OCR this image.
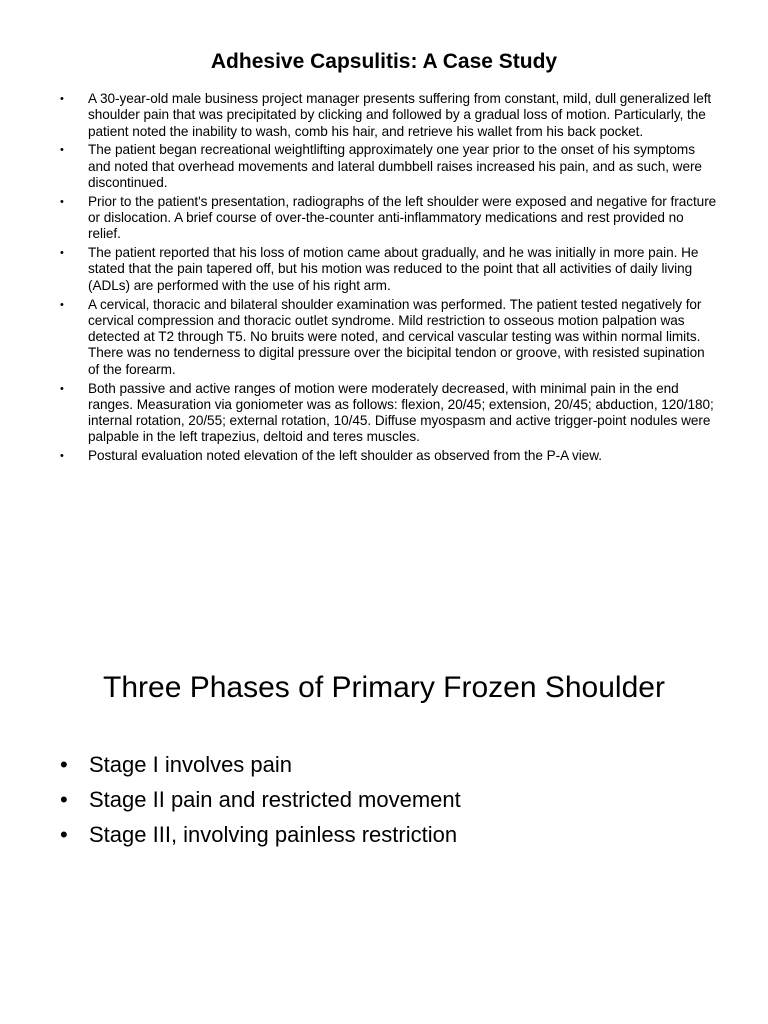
Adhesive Capsulitis: A Case Study
• A 30-year-old male business project manager presents suffering from constant, mild, dull generalized left shoulder pain that was precipitated by clicking and followed by a gradual loss of motion. Particularly, the patient noted the inability to wash, comb his hair, and retrieve his wallet from his back pocket.
• The patient began recreational weightlifting approximately one year prior to the onset of his symptoms and noted that overhead movements and lateral dumbbell raises increased his pain, and as such, were discontinued.
• Prior to the patient's presentation, radiographs of the left shoulder were exposed and negative for fracture or dislocation. A brief course of over-the-counter anti-inflammatory medications and rest provided no relief.
• The patient reported that his loss of motion came about gradually, and he was initially in more pain. He stated that the pain tapered off, but his motion was reduced to the point that all activities of daily living (ADLs) are performed with the use of his right arm.
• A cervical, thoracic and bilateral shoulder examination was performed. The patient tested negatively for cervical compression and thoracic outlet syndrome. Mild restriction to osseous motion palpation was detected at T2 through T5. No bruits were noted, and cervical vascular testing was within normal limits. There was no tenderness to digital pressure over the bicipital tendon or groove, with resisted supination of the forearm.
• Both passive and active ranges of motion were moderately decreased, with minimal pain in the end ranges. Measuration via goniometer was as follows: flexion, 20/45; extension, 20/45; abduction, 120/180; internal rotation, 20/55; external rotation, 10/45. Diffuse myospasm and active trigger-point nodules were palpable in the left trapezius, deltoid and teres muscles.
• Postural evaluation noted elevation of the left shoulder as observed from the P-A view.
Three Phases of Primary Frozen Shoulder
• Stage I involves pain
• Stage II pain and restricted movement
• Stage III, involving painless restriction
